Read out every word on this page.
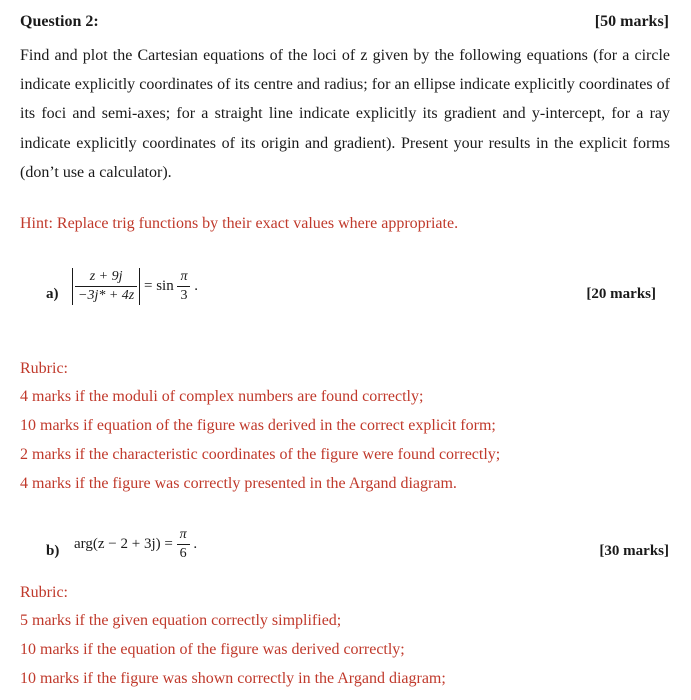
Question 2:	[50 marks]
Find and plot the Cartesian equations of the loci of z given by the following equations (for a circle indicate explicitly coordinates of its centre and radius; for an ellipse indicate explicitly coordinates of its foci and semi-axes; for a straight line indicate explicitly its gradient and y-intercept, for a ray indicate explicitly coordinates of its origin and gradient). Present your results in the explicit forms (don’t use a calculator).
Hint: Replace trig functions by their exact values where appropriate.
$a) \frac{z + 9j}{-3j* + 4z} = \sin \frac{\pi}{3}$ .	[20 marks]
Rubric:
4 marks if the moduli of complex numbers are found correctly;
10 marks if equation of the figure was derived in the correct explicit form;
2 marks if the characteristic coordinates of the figure were found correctly;
4 marks if the figure was correctly presented in the Argand diagram.
b) $arg(z - 2 + 3j) = \frac{\pi}{6}$ .	[30 marks]
Rubric:
5 marks if the given equation correctly simplified;
10 marks if the equation of the figure was derived correctly;
10 marks if the figure was shown correctly in the Argand diagram;
